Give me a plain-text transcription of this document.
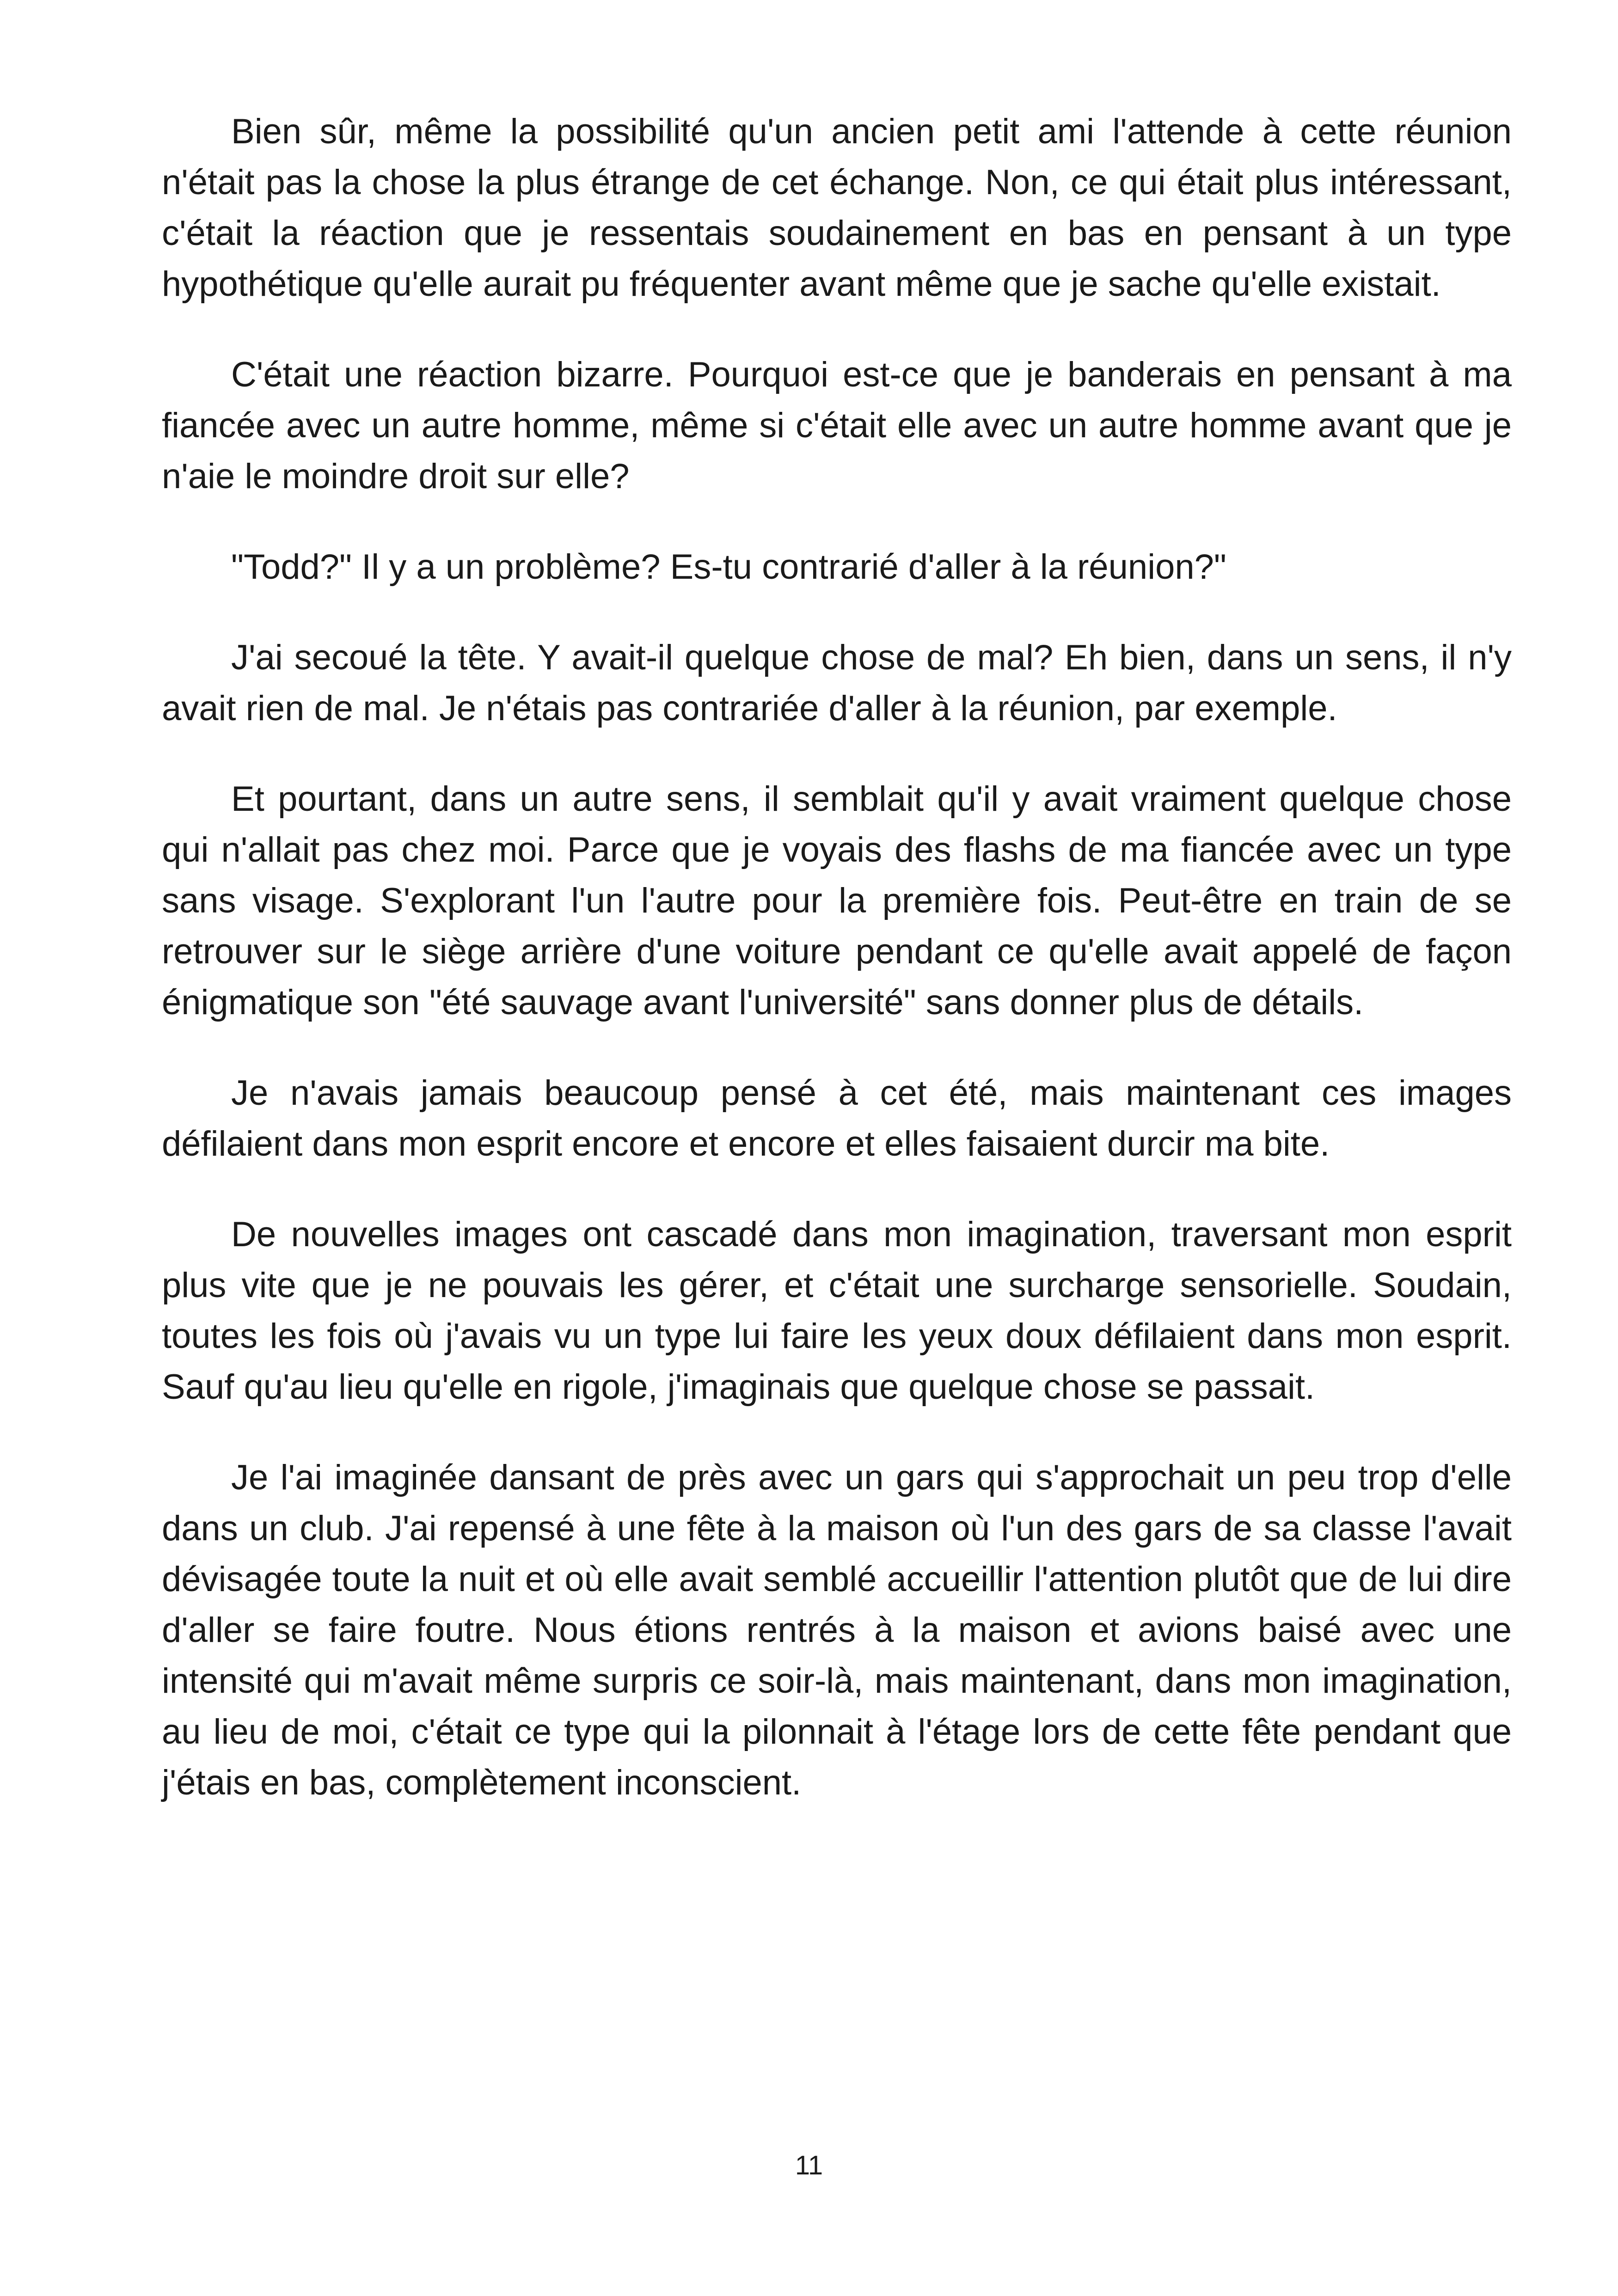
Bien sûr, même la possibilité qu'un ancien petit ami l'attende à cette réunion n'était pas la chose la plus étrange de cet échange. Non, ce qui était plus intéressant, c'était la réaction que je ressentais soudainement en bas en pensant à un type hypothétique qu'elle aurait pu fréquenter avant même que je sache qu'elle existait.

C'était une réaction bizarre. Pourquoi est-ce que je banderais en pensant à ma fiancée avec un autre homme, même si c'était elle avec un autre homme avant que je n'aie le moindre droit sur elle?

"Todd?" Il y a un problème? Es-tu contrarié d'aller à la réunion?"

J'ai secoué la tête. Y avait-il quelque chose de mal? Eh bien, dans un sens, il n'y avait rien de mal. Je n'étais pas contrariée d'aller à la réunion, par exemple.

Et pourtant, dans un autre sens, il semblait qu'il y avait vraiment quelque chose qui n'allait pas chez moi. Parce que je voyais des flashs de ma fiancée avec un type sans visage. S'explorant l'un l'autre pour la première fois. Peut-être en train de se retrouver sur le siège arrière d'une voiture pendant ce qu'elle avait appelé de façon énigmatique son "été sauvage avant l'université" sans donner plus de détails.

Je n'avais jamais beaucoup pensé à cet été, mais maintenant ces images défilaient dans mon esprit encore et encore et elles faisaient durcir ma bite.

De nouvelles images ont cascadé dans mon imagination, traversant mon esprit plus vite que je ne pouvais les gérer, et c'était une surcharge sensorielle. Soudain, toutes les fois où j'avais vu un type lui faire les yeux doux défilaient dans mon esprit. Sauf qu'au lieu qu'elle en rigole, j'imaginais que quelque chose se passait.

Je l'ai imaginée dansant de près avec un gars qui s'approchait un peu trop d'elle dans un club. J'ai repensé à une fête à la maison où l'un des gars de sa classe l'avait dévisagée toute la nuit et où elle avait semblé accueillir l'attention plutôt que de lui dire d'aller se faire foutre. Nous étions rentrés à la maison et avions baisé avec une intensité qui m'avait même surpris ce soir-là, mais maintenant, dans mon imagination, au lieu de moi, c'était ce type qui la pilonnait à l'étage lors de cette fête pendant que j'étais en bas, complètement inconscient.

11
